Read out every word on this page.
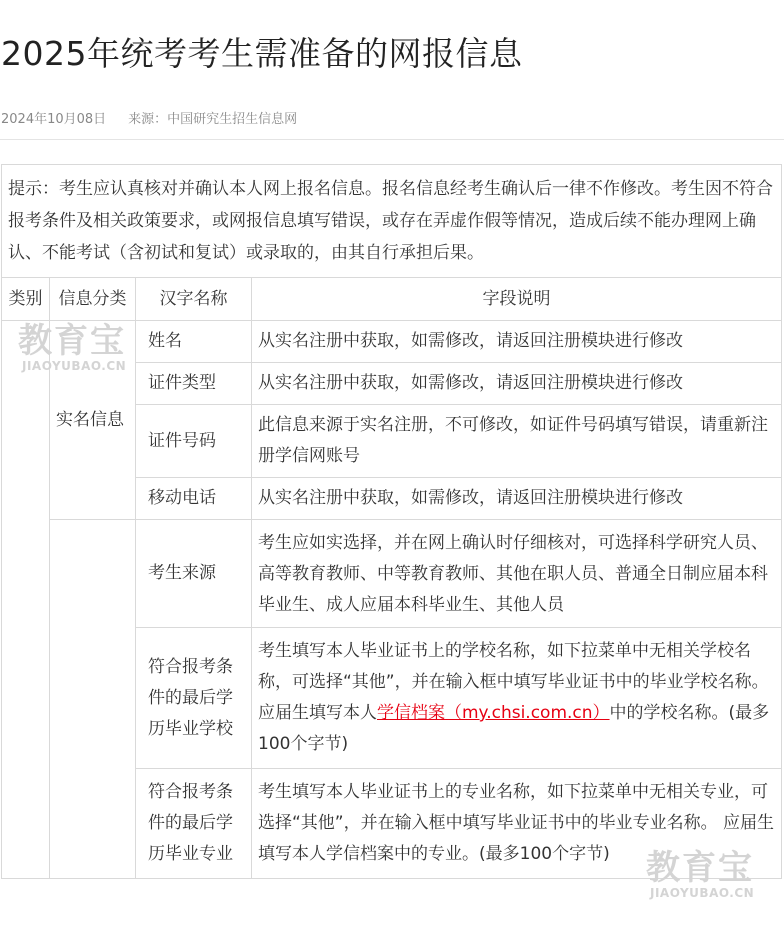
2025年统考考生需准备的网报信息
2024年10月08日 来源：中国研究生招生信息网
提示：考生应认真核对并确认本人网上报名信息。报名信息经考生确认后一律不作修改。考生因不符合报考条件及相关政策要求，或网报信息填写错误，或存在弄虚作假等情况，造成后续不能办理网上确认、不能考试（含初试和复试）或录取的，由其自行承担后果。			
类别	信息分类	汉字名称	字段说明
	实名信息	姓名	从实名注册中获取，如需修改，请返回注册模块进行修改
		证件类型	从实名注册中获取，如需修改，请返回注册模块进行修改
		证件号码	此信息来源于实名注册，不可修改，如证件号码填写错误，请重新注册学信网账号
		移动电话	从实名注册中获取，如需修改，请返回注册模块进行修改
		考生来源	考生应如实选择，并在网上确认时仔细核对，可选择科学研究人员、高等教育教师、中等教育教师、其他在职人员、普通全日制应届本科毕业生、成人应届本科毕业生、其他人员
		符合报考条件的最后学历毕业学校	考生填写本人毕业证书上的学校名称，如下拉菜单中无相关学校名称，可选择“其他”，并在输入框中填写毕业证书中的毕业学校名称。
应届生填写本人学信档案（my.chsi.com.cn）中的学校名称。(最多100个字节)
		符合报考条件的最后学历毕业专业	考生填写本人毕业证书上的专业名称，如下拉菜单中无相关专业，可选择“其他”，并在输入框中填写毕业证书中的毕业专业名称。 应届生填写本人学信档案中的专业。(最多100个字节)
教育宝
JIAOYUBAO.CN
教育宝
JIAOYUBAO.CN
